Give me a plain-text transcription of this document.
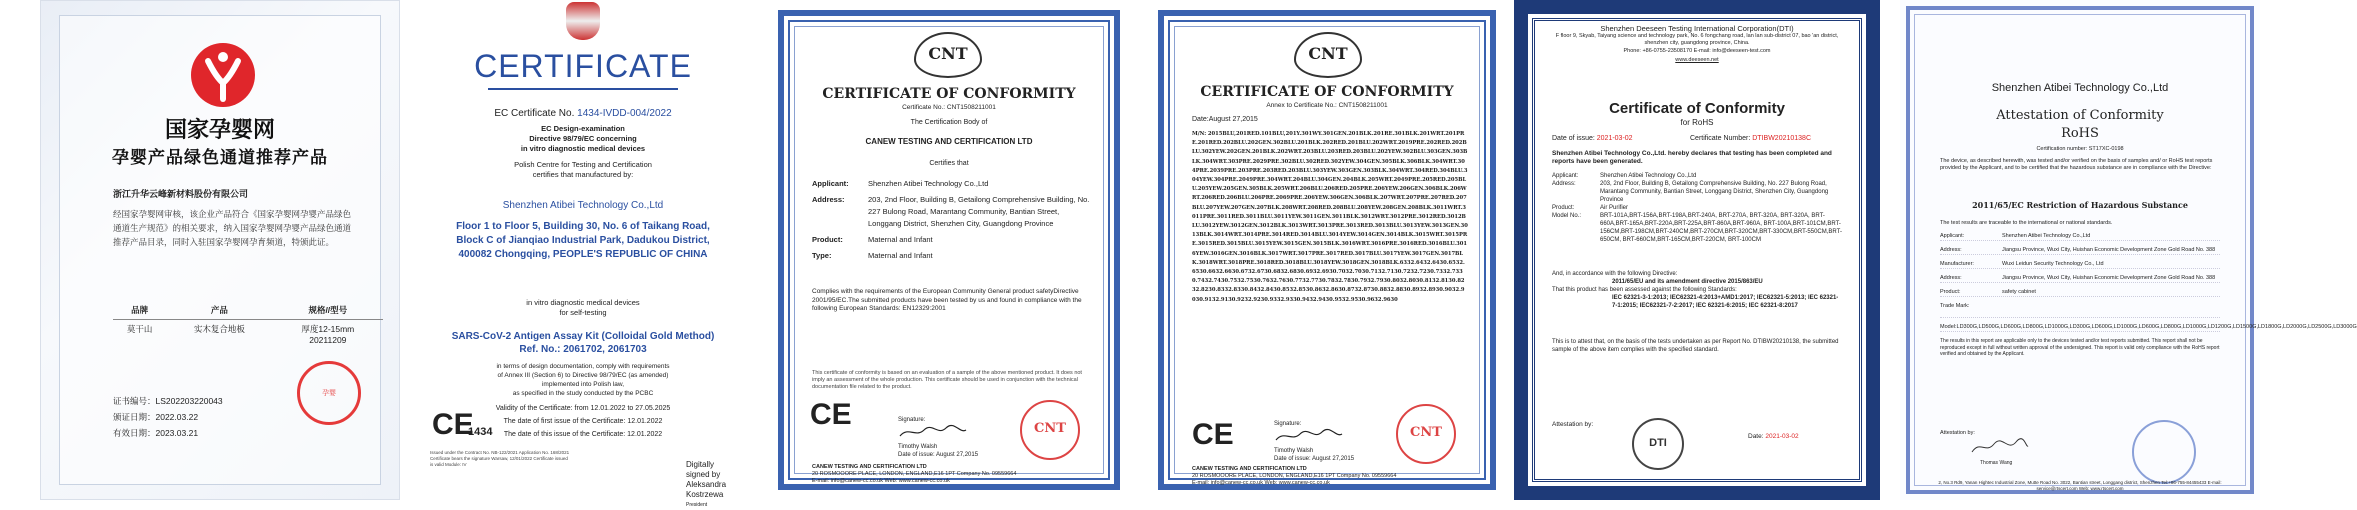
国家孕婴网
孕婴产品绿色通道推荐产品
浙江升华云峰新材料股份有限公司
经国家孕婴网审核，该企业产品符合《国家孕婴网孕婴产品绿色通道生产规范》的相关要求，纳入国家孕婴网孕婴产品绿色通道推荐产品目录，同时入驻国家孕婴网孕育频道，特颁此证。
品牌	产品	规格//型号
莫干山	实木复合地板	厚度12-15mm
20211209
证书编号：LS202203220043
颁证日期：2022.03.22
有效日期：2023.03.21
孕婴
CERTIFICATE
EC Certificate No. 1434-IVDD-004/2022
EC Design-examination
Directive 98/79/EC concerning
in vitro diagnostic medical devices
Polish Centre for Testing and Certification
certifies that manufactured by:
Shenzhen Atibei Technology Co.,Ltd
Floor 1 to Floor 5, Building 30, No. 6 of Taikang Road,
Block C of Jianqiao Industrial Park, Dadukou District,
400082 Chongqing, PEOPLE'S REPUBLIC OF CHINA
in vitro diagnostic medical devices
for self-testing
SARS-CoV-2 Antigen Assay Kit (Colloidal Gold Method)
Ref. No.: 2061702, 2061703
in terms of design documentation, comply with requirements
of Annex III (Section 6) to Directive 98/79/EC (as amended)
implemented into Polish law,
as specified in the study conducted by the PCBC
Validity of the Certificate: from 12.01.2022 to 27.05.2025
The date of first issue of the Certificate: 12.01.2022
The date of this issue of the Certificate: 12.01.2022
CE
1434
Issued under the Contract No. NB-122/2021 Application No. 168/2021 Certificate bears the signature Warsaw, 12/01/2022 Certificate issued is valid Module: IV	Digitally
signed by
Aleksandra
Kostrzewa
President
CNT
CERTIFICATE OF CONFORMITY
Certificate No.: CNT1508211001
The Certification Body of
CANEW TESTING AND CERTIFICATION LTD
Certifies that
Applicant:	Shenzhen Atibei Technology Co.,Ltd
Address:	203, 2nd Floor, Building B, Getailong Comprehensive Building, No. 227 Bulong Road, Marantang Community, Bantian Street, Longgang District, Shenzhen City, Guangdong Province
Product:	Maternal and Infant
Type:	Maternal and Infant
Complies with the requirements of the European Community General product safetyDirective 2001/95/EC.The submitted products have been tested by us and found in compliance with the following European Standards: EN12329:2001
This certificate of conformity is based on an evaluation of a sample of the above mentioned product. It does not imply an assessment of the whole production. This certificate should be used in conjunction with the technical documentation file related to the product.
CE	Signature:
Timothy Walsh
Date of issue: August 27,2015
CNT
CANEW TESTING AND CERTIFICATION LTD
20 ROSMOOORE PLACE, LONDON, ENGLAND,E16 1PT Company No. 09559664
E-mail: info@canew-cc.co.uk Web: www.canew-cc.co.uk
CNT
CERTIFICATE OF CONFORMITY
Annex to Certificate No.: CNT1508211001
Date:August 27,2015
M/N: 2015BLU,201RED.101BLU,201Y.301WY.301GEN.201BLK.201RE.301BLK.201WRT.201PRE.201RED.202BLU.202GEN.302BLU.201BLK.202RED.201BLU.202WRT.2019PRE.202RED.202BLU.302YEW.202GEN.201BLK.202WRT.203BLU.203RED.203BLU.202YEW.302BLU.303GEN.303BLK.304WRT.303PRE.2029PRE.302BLU.302RED.302YEW.304GEN.305BLK.306BLK.304WRT.304PRE.2039PRE.203PRE.203RED.203BLU.303YEW.303GEN.303BLK.304WRT.304RED.304BLU.304YEW.304PRE.2049PRE.304WRT.204BLU.304GEN.204BLK.205WRT.2049PRE.205RED.205BLU.205YEW.205GEN.305BLK.205WRT.206BLU.206RED.205PRE.206YEW.206GEN.306BLK.206WRT.206RED.206BLU.206PRE.2069PRE.206YEW.306GEN.306BLK.207WRT.207PRE.207RED.207BLU.207YEW.207GEN.207BLK.208WRT.208RED.208BLU.208YEW.208GEN.208BLK.3011WRT.3011PRE.3011RED.3011BLU.3011YEW.3011GEN.3011BLK.3012WRT.3012PRE.3012RED.3012BLU.3012YEW.3012GEN.3012BLK.3013WRT.3013PRE.3013RED.3013BLU.3013YEW.3013GEN.3013BLK.3014WRT.3014PRE.3014RED.3014BLU.3014YEW.3014GEN.3014BLK.3015WRT.3015PRE.3015RED.3015BLU.3015YEW.3015GEN.3015BLK.3016WRT.3016PRE.3016RED.3016BLU.3016YEW.3016GEN.3016BLK.3017WRT.3017PRE.3017RED.3017BLU.3017YEW.3017GEN.3017BLK.3018WRT.3018PRE.3018RED.3018BLU.3018YEW.3018GEN.3018BLK.6332.6432.6430.6532.6530.6632.6630.6732.6730.6832.6830.6932.6930.7032.7030.7132.7130.7232.7230.7332.7330.7432.7430.7532.7530.7632.7630.7732.7730.7832.7830.7932.7930.8032.8030.8132.8130.8232.8230.8332.8330.8432.8430.8532.8530.8632.8630.8732.8730.8832.8830.8932.8930.9032.9030.9132.9130.9232.9230.9332.9330.9432.9430.9532.9530.9632.9630
CE	Signature:
Timothy Walsh
Date of issue: August 27,2015
CNT
CANEW TESTING AND CERTIFICATION LTD
20 ROSMOOORE PLACE, LONDON, ENGLAND,E16 1PT Company No. 09559664
E-mail: info@canew-cc.co.uk Web: www.canew-cc.co.uk
Shenzhen Deeseen Testing International Corporation(DTI)
F floor 9, Skyab, Taiyang science and technology park, No. 6 fongchang road, lan lan sub-district 07, bao 'an district, shenzhen city, guangdong province, China.
Phone: +86-0755-23508170 E-mail: info@deeseen-test.com
www.deeseen.net
Certificate of Conformity
for RoHS
Date of issue: 2021-03-02	Certificate Number: DTIBW20210138C
Shenzhen Atibei Technology Co.,Ltd. hereby declares that testing has been completed and reports have been generated.
Applicant:	Shenzhen Atibei Technology Co.,Ltd
Address:	203, 2nd Floor, Building B, Getailong Comprehensive Building, No. 227 Bulong Road, Marantang Community, Bantian Street, Longgang District, Shenzhen City, Guangdong Province
Product:	Air Purifier
Model No.:	BRT-101A,BRT-156A,BRT-198A,BRT-240A, BRT-270A, BRT-320A, BRT-320A, BRT-660A,BRT-165A,BRT-220A,BRT-225A,BRT-860A,BRT-960A, BRT-100A,BRT-101CM,BRT-156CM,BRT-198CM,BRT-240CM,BRT-270CM,BRT-320CM,BRT-330CM,BRT-550CM,BRT-650CM, BRT-660CM,BRT-165CM,BRT-220CM, BRT-100CM
And, in accordance with the following Directive:
2011/65/EU and its amendment directive 2015/863/EU
That this product has been assessed against the following Standards:
IEC 62321-3-1:2013; IEC62321-4:2013+AMD1:2017; IEC62321-5:2013; IEC 62321-7-1:2015; IEC62321-7-2:2017; IEC 62321-6:2015; IEC 62321-8:2017
This is to attest that, on the basis of the tests undertaken as per Report No. DTIBW20210138, the submitted sample of the above item complies with the specified standard.
Attestation by:
DTI
Date: 2021-03-02
Shenzhen Atibei Technology Co.,Ltd
Attestation of Conformity
RoHS
Certification number: ST17XC-0198
The device, as described herewith, was tested and/or verified on the basis of samples and/ or RoHS test reports provided by the Applicant, and to be certified that the hazardous substance are in compliance with the Directive:
2011/65/EC Restriction of Hazardous Substance
The test results are traceable to the international or national standards.
Applicant:	Shenzhen Atibei Technology Co.,Ltd
Address:	Jiangsu Province, Wuxi City, Huishan Economic Development Zone Gold Road No. 388
Manufacturer:	Wuxi Leidun Security Technology Co., Ltd
Address:	Jiangsu Province, Wuxi City, Huishan Economic Development Zone Gold Road No. 388
Product:	safety cabinet
Trade Mark:
Model: LD300G,LD500G,LD600G,LD800G,LD1000G,LD300G,LD600G,LD1000G,LD600G,LD800G,LD1000G,LD1200G,LD1500G,LD1800G,LD2000G,LD2500G,LD3000G
The results in this report are applicable only to the devices tested and/or test reports submitted. This report shall not be reproduced except in full without written approval of the undersigned. This report is valid only compliance with the RoHS report verified and obtained by the Applicant.
Attestation by:
Thomas Wang
2, No.3 Rd9, Yanan Hightec Industrial Zone, Mutte Road No. 3022, Bantian street, Longgang district, Shenzhen Tel:+86-755-84455433 E-mail: service@rtscert.com Web: www.rtscert.com
